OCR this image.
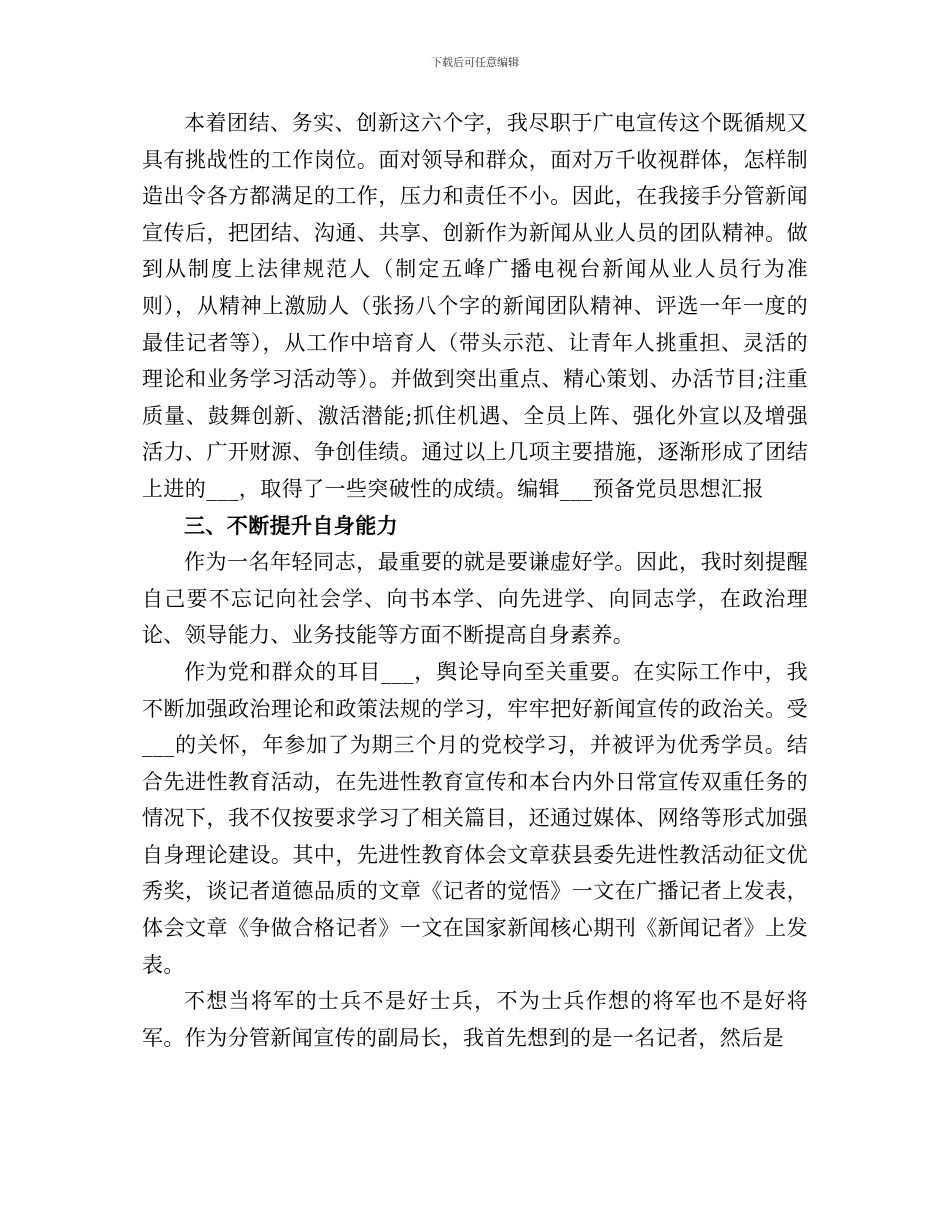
下载后可任意编辑

本着团结、务实、创新这六个字，我尽职于广电宣传这个既循规又具有挑战性的工作岗位。面对领导和群众，面对万千收视群体，怎样制造出令各方都满足的工作，压力和责任不小。因此，在我接手分管新闻宣传后，把团结、沟通、共享、创新作为新闻从业人员的团队精神。做到从制度上法律规范人（制定五峰广播电视台新闻从业人员行为准则），从精神上激励人（张扬八个字的新闻团队精神、评选一年一度的最佳记者等），从工作中培育人（带头示范、让青年人挑重担、灵活的理论和业务学习活动等）。并做到突出重点、精心策划、办活节目;注重质量、鼓舞创新、激活潜能;抓住机遇、全员上阵、强化外宣以及增强活力、广开财源、争创佳绩。通过以上几项主要措施，逐渐形成了团结上进的___，取得了一些突破性的成绩。编辑___预备党员思想汇报

三、不断提升自身能力

作为一名年轻同志，最重要的就是要谦虚好学。因此，我时刻提醒自己要不忘记向社会学、向书本学、向先进学、向同志学，在政治理论、领导能力、业务技能等方面不断提高自身素养。

作为党和群众的耳目___，舆论导向至关重要。在实际工作中，我不断加强政治理论和政策法规的学习，牢牢把好新闻宣传的政治关。受___的关怀，年参加了为期三个月的党校学习，并被评为优秀学员。结合先进性教育活动，在先进性教育宣传和本台内外日常宣传双重任务的情况下，我不仅按要求学习了相关篇目，还通过媒体、网络等形式加强自身理论建设。其中，先进性教育体会文章获县委先进性教活动征文优秀奖，谈记者道德品质的文章《记者的觉悟》一文在广播记者上发表，体会文章《争做合格记者》一文在国家新闻核心期刊《新闻记者》上发表。

不想当将军的士兵不是好士兵，不为士兵作想的将军也不是好将军。作为分管新闻宣传的副局长，我首先想到的是一名记者，然后是
